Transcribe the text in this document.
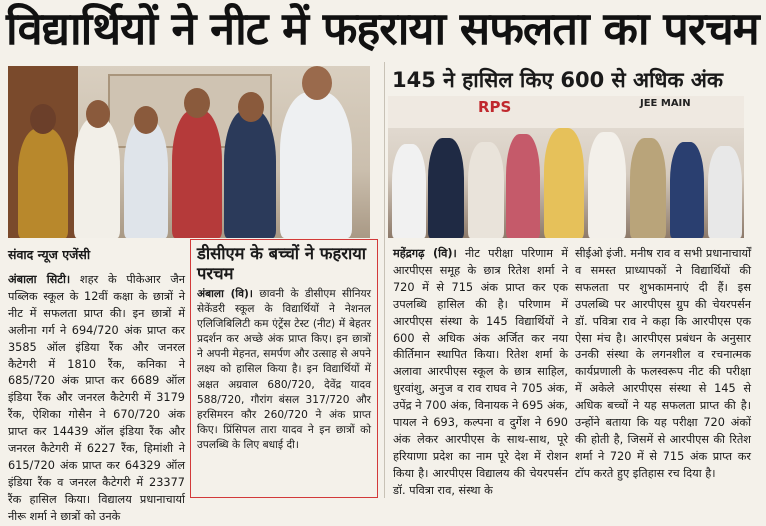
विद्यार्थियों ने नीट में फहराया सफलता का परचम
145 ने हासिल किए 600 से अधिक अंक
RPS	JEE MAIN
संवाद न्यूज एजेंसी
अंबाला सिटी। शहर के पीकेआर जैन पब्लिक स्कूल के 12वीं कक्षा के छात्रों ने नीट में सफलता प्राप्त की। इन छात्रों में अलीना गर्ग ने 694/720 अंक प्राप्त कर 3585 ऑल इंडिया रैंक और जनरल कैटेगरी में 1810 रैंक, कनिका ने 685/720 अंक प्राप्त कर 6689 ऑल इंडिया रैंक और जनरल कैटेगरी में 3179 रैंक, ऐशिका गोसैन ने 670/720 अंक प्राप्त कर 14439 ऑल इंडिया रैंक और जनरल कैटेगरी में 6227 रैंक, हिमांशी ने 615/720 अंक प्राप्त कर 64329 ऑल इंडिया रैंक व जनरल कैटेगरी में 23377 रैंक हासिल किया। विद्यालय प्रधानाचार्या नीरू शर्मा ने छात्रों को उनके
डीसीएम के बच्चों ने फहराया परचम
अंबाला (वि)। छावनी के डीसीएम सीनियर सेकेंडरी स्कूल के विद्यार्थियों ने नेशनल एलिजिबिलिटी कम एंट्रेंस टेस्ट (नीट) में बेहतर प्रदर्शन कर अच्छे अंक प्राप्त किए। इन छात्रों ने अपनी मेहनत, समर्पण और उत्साह से अपने लक्ष्य को हासिल किया है। इन विद्यार्थियों में अक्षत अग्रवाल 680/720, देवेंद्र यादव 588/720, गौरांग बंसल 317/720 और हरसिमरन कौर 260/720 ने अंक प्राप्त किए। प्रिंसिपल तारा यादव ने इन छात्रों को उपलब्धि के लिए बधाई दी।
महेंद्रगढ़ (वि)। नीट परीक्षा परिणाम में आरपीएस समूह के छात्र रितेश शर्मा ने 720 में से 715 अंक प्राप्त कर एक उपलब्धि हासिल की है। परिणाम में आरपीएस संस्था के 145 विद्यार्थियों ने 600 से अधिक अंक अर्जित कर नया कीर्तिमान स्थापित किया। रितेश शर्मा के अलावा आरपीएस स्कूल के छात्र साहिल, धुरवांशु, अनुज व राव राघव ने 705 अंक, उपेंद्र ने 700 अंक, विनायक ने 695 अंक, पायल ने 693, कल्पना व दुर्गेश ने 690 अंक लेकर आरपीएस के साथ-साथ, पूरे हरियाणा प्रदेश का नाम पूरे देश में रोशन किया है। आरपीएस विद्यालय की चेयरपर्सन डॉ. पवित्रा राव, संस्था के
सीईओ इंजी. मनीष राव व सभी प्रधानाचार्यों व समस्त प्राध्यापकों ने विद्यार्थियों की सफलता पर शुभकामनाएं दी हैं। इस उपलब्धि पर आरपीएस ग्रुप की चेयरपर्सन डॉ. पवित्रा राव ने कहा कि आरपीएस एक ऐसा मंच है। आरपीएस प्रबंधन के अनुसार उनकी संस्था के लगनशील व रचनात्मक कार्यप्रणाली के फलस्वरूप नीट की परीक्षा में अकेले आरपीएस संस्था से 145 से अधिक बच्चों ने यह सफलता प्राप्त की है। उन्होंने बताया कि यह परीक्षा 720 अंकों की होती है, जिसमें से आरपीएस की रितेश शर्मा ने 720 में से 715 अंक प्राप्त कर टॉप करते हुए इतिहास रच दिया है।
